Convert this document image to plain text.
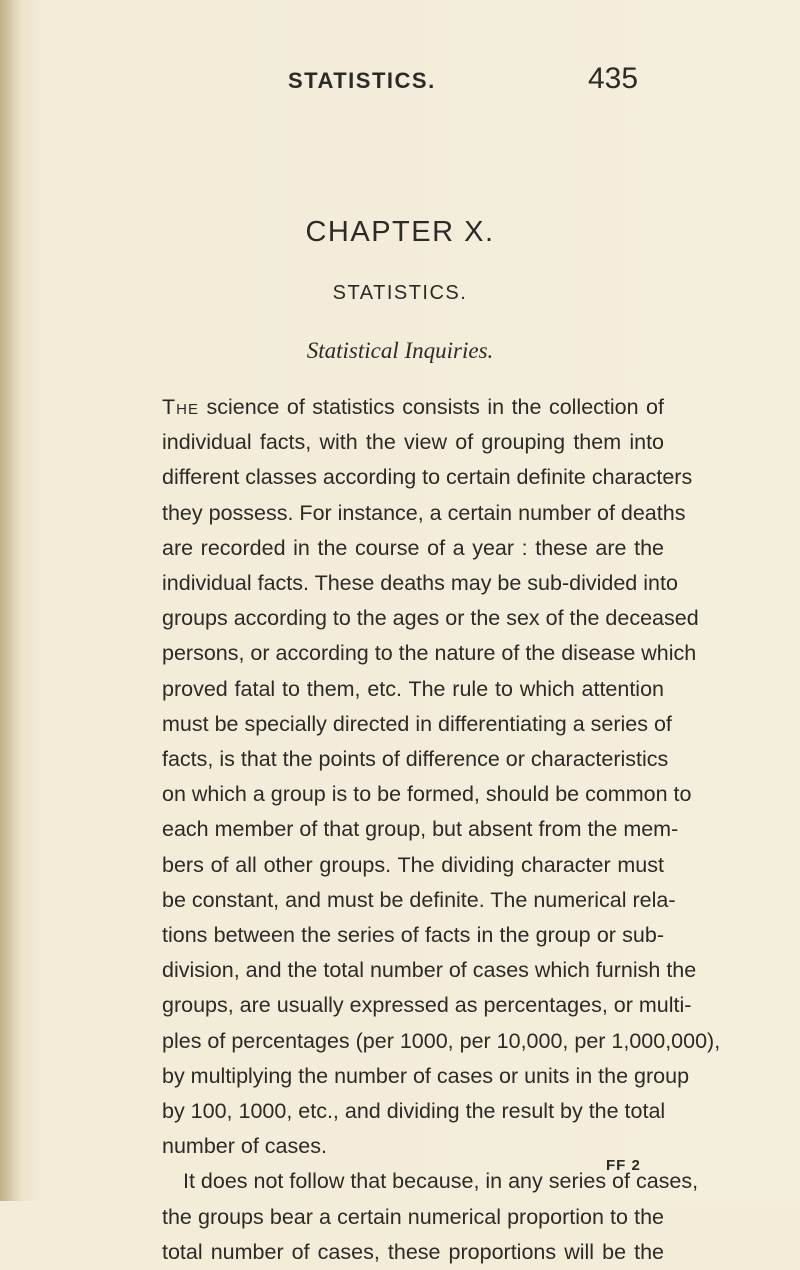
STATISTICS.	435
CHAPTER X.
STATISTICS.
Statistical Inquiries.
The science of statistics consists in the collection of
individual facts, with the view of grouping them into
different classes according to certain definite characters
they possess. For instance, a certain number of deaths
are recorded in the course of a year : these are the
individual facts. These deaths may be sub-divided into
groups according to the ages or the sex of the deceased
persons, or according to the nature of the disease which
proved fatal to them, etc. The rule to which attention
must be specially directed in differentiating a series of
facts, is that the points of difference or characteristics
on which a group is to be formed, should be common to
each member of that group, but absent from the mem-
bers of all other groups. The dividing character must
be constant, and must be definite. The numerical rela-
tions between the series of facts in the group or sub-
division, and the total number of cases which furnish the
groups, are usually expressed as percentages, or multi-
ples of percentages (per 1000, per 10,000, per 1,000,000),
by multiplying the number of cases or units in the group
by 100, 1000, etc., and dividing the result by the total
number of cases.
It does not follow that because, in any series of cases,
the groups bear a certain numerical proportion to the
total number of cases, these proportions will be the
FF 2
